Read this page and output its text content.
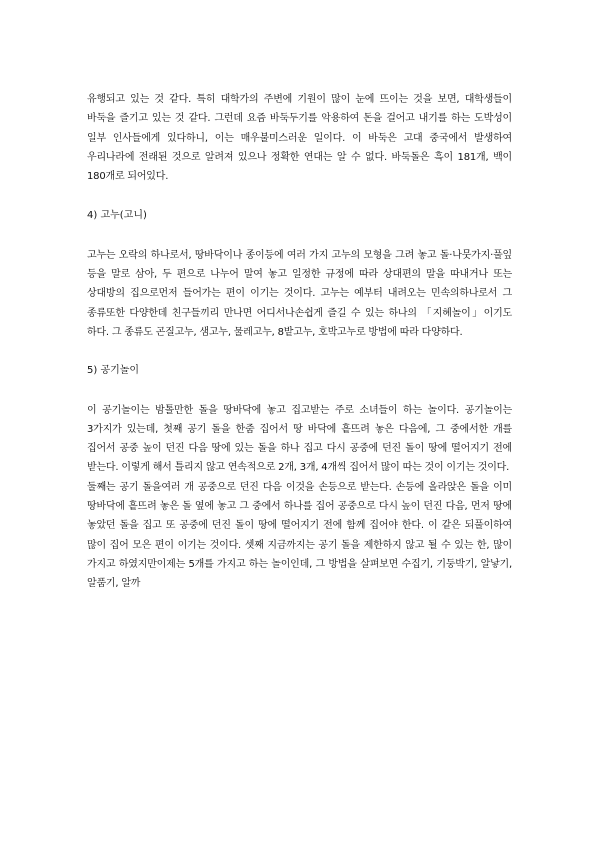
유행되고 있는 것 같다. 특히 대학가의 주변에 기원이 많이 눈에 뜨이는 것을 보면, 대학생들이 바둑을 즐기고 있는 것 같다. 그런데 요즘 바둑두기를 악용하여 돈을 걸어고 내기를 하는 도박성이 일부 인사들에게 있다하니, 이는 매우불미스러운 일이다. 이 바둑은 고대 중국에서 발생하여 우리나라에 전래된 것으로 알려져 있으나 정확한 연대는 알 수 없다. 바둑돌은 흑이 181개, 백이 180개로 되어있다.

4) 고누(고니)

고누는 오락의 하나로서, 땅바닥이나 종이등에 여러 가지 고누의 모형을 그려 놓고 돌·나뭇가지·풀잎 등을 말로 삼아, 두 편으로 나누어 말여 놓고 일정한 규정에 따라 상대편의 말을 따내거나 또는 상대방의 집으로먼저 들어가는 편이 이기는 것이다. 고누는 예부터 내려오는 민속의하나로서 그 종류또한 다양한데 친구들끼리 만나면 어디서나손쉽게 즐길 수 있는 하나의 「지혜놀이」이기도 하다. 그 종류도 곤질고누, 샘고누, 물레고누, 8밭고누, 호박고누로 방법에 따라 다양하다.

5) 공기놀이

이 공기놀이는 밤톨만한 돌을 땅바닥에 놓고 집고받는 주로 소녀들이 하는 놀이다. 공기놀이는 3가지가 있는데, 첫째 공기 돌을 한줌 집어서 땅 바닥에 흩뜨려 놓은 다음에, 그 중에서한 개를 집어서 공중 높이 던진 다음 땅에 있는 돌을 하나 집고 다시 공중에 던진 돌이 땅에 떨어지기 전에 받는다. 이렇게 해서 틀리지 않고 연속적으로 2개, 3개, 4개씩 집어서 많이 따는 것이 이기는 것이다.

둘째는 공기 돌을여러 개 공중으로 던진 다음 이것을 손등으로 받는다. 손등에 올라앉은 돌을 이미 땅바닥에 흩뜨려 놓은 돌 옆에 놓고 그 중에서 하나를 집어 공중으로 다시 높이 던진 다음, 먼저 땅에 놓았던 돌을 집고 또 공중에 던진 돌이 땅에 떨어지기 전에 함께 집어야 한다. 이 같은 되풀이하여 많이 집어 모은 편이 이기는 것이다. 셋째 지금까지는 공기 돌을 제한하지 않고 될 수 있는 한, 많이 가지고 하였지만이제는 5개를 가지고 하는 놀이인데, 그 방법을 살펴보면 수집기, 기둥박기, 알낳기, 알품기, 알까
